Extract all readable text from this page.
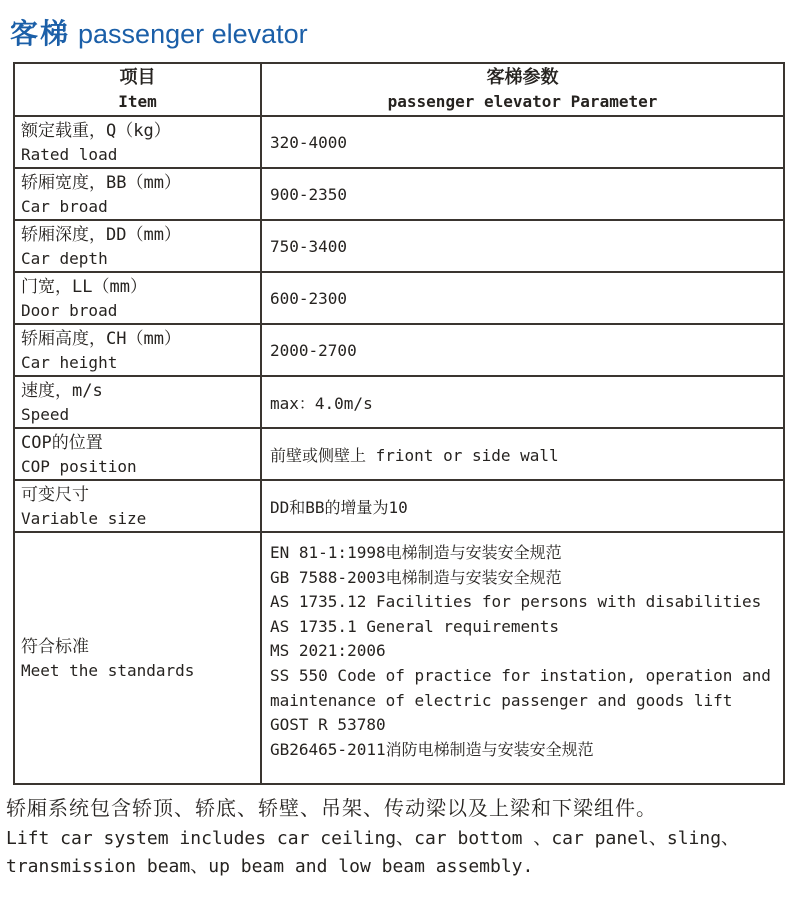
客梯 passenger elevator
项目
Item
客梯参数
passenger elevator Parameter
额定载重，Q（kg）
Rated load
320-4000
轿厢宽度，BB（mm）
Car broad
900-2350
轿厢深度，DD（mm）
Car depth
750-3400
门宽，LL（mm）
Door broad
600-2300
轿厢高度，CH（mm）
Car height
2000-2700
速度，m/s
Speed
max：4.0m/s
COP的位置
COP position
前壁或侧壁上 friont or side wall
可变尺寸
Variable size
DD和BB的增量为10
符合标准
Meet the standards
EN 81-1:1998电梯制造与安装安全规范
GB 7588-2003电梯制造与安装安全规范
AS 1735.12 Facilities for persons with disabilities
AS 1735.1 General requirements
MS 2021:2006
SS 550 Code of practice for instation, operation and
maintenance of electric passenger and goods lift
GOST R 53780
GB26465-2011消防电梯制造与安装安全规范
轿厢系统包含轿顶、轿底、轿壁、吊架、传动梁以及上梁和下梁组件。
Lift car system includes car ceiling、car bottom 、car panel、sling、transmission beam、up beam and low beam assembly.
